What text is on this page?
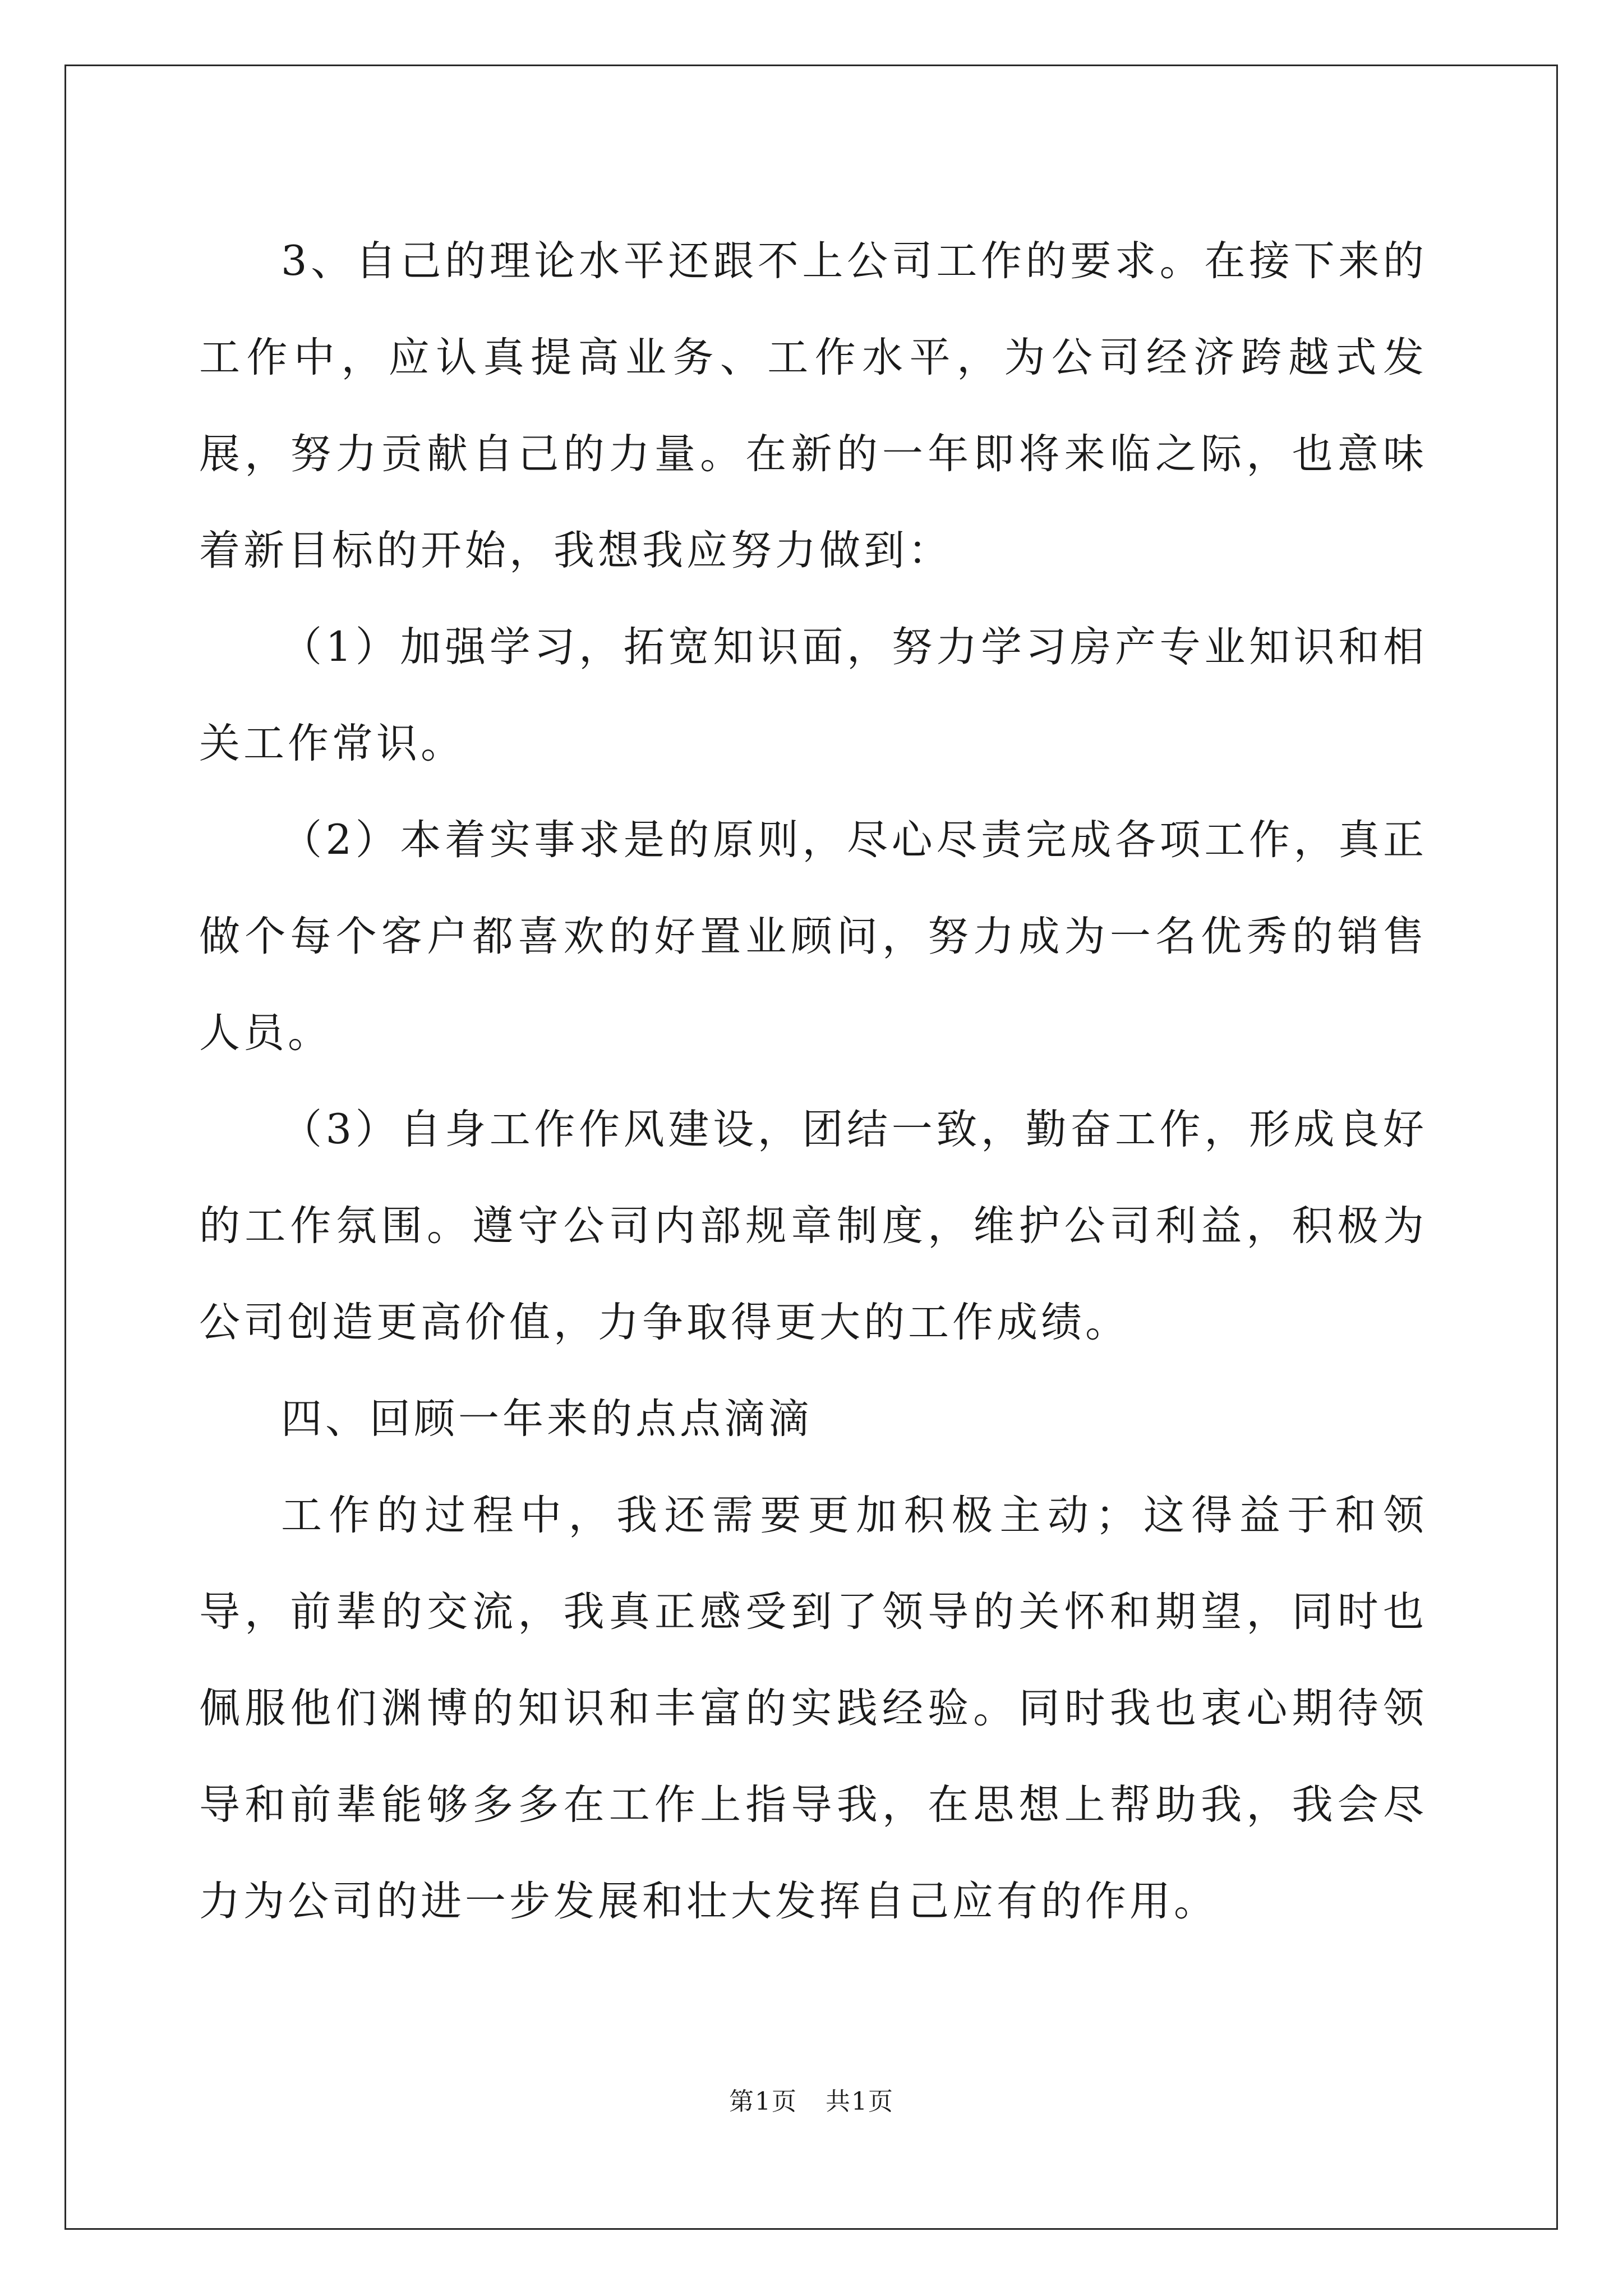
3、自己的理论水平还跟不上公司工作的要求。在接下来的工作中，应认真提高业务、工作水平，为公司经济跨越式发展，努力贡献自己的力量。在新的一年即将来临之际，也意味着新目标的开始，我想我应努力做到：

（1）加强学习，拓宽知识面，努力学习房产专业知识和相关工作常识。

（2）本着实事求是的原则，尽心尽责完成各项工作，真正做个每个客户都喜欢的好置业顾问，努力成为一名优秀的销售人员。

（3）自身工作作风建设，团结一致，勤奋工作，形成良好的工作氛围。遵守公司内部规章制度，维护公司利益，积极为公司创造更高价值，力争取得更大的工作成绩。

四、回顾一年来的点点滴滴

工作的过程中，我还需要更加积极主动；这得益于和领导，前辈的交流，我真正感受到了领导的关怀和期望，同时也佩服他们渊博的知识和丰富的实践经验。同时我也衷心期待领导和前辈能够多多在工作上指导我，在思想上帮助我，我会尽力为公司的进一步发展和壮大发挥自己应有的作用。

第1页 共1页
